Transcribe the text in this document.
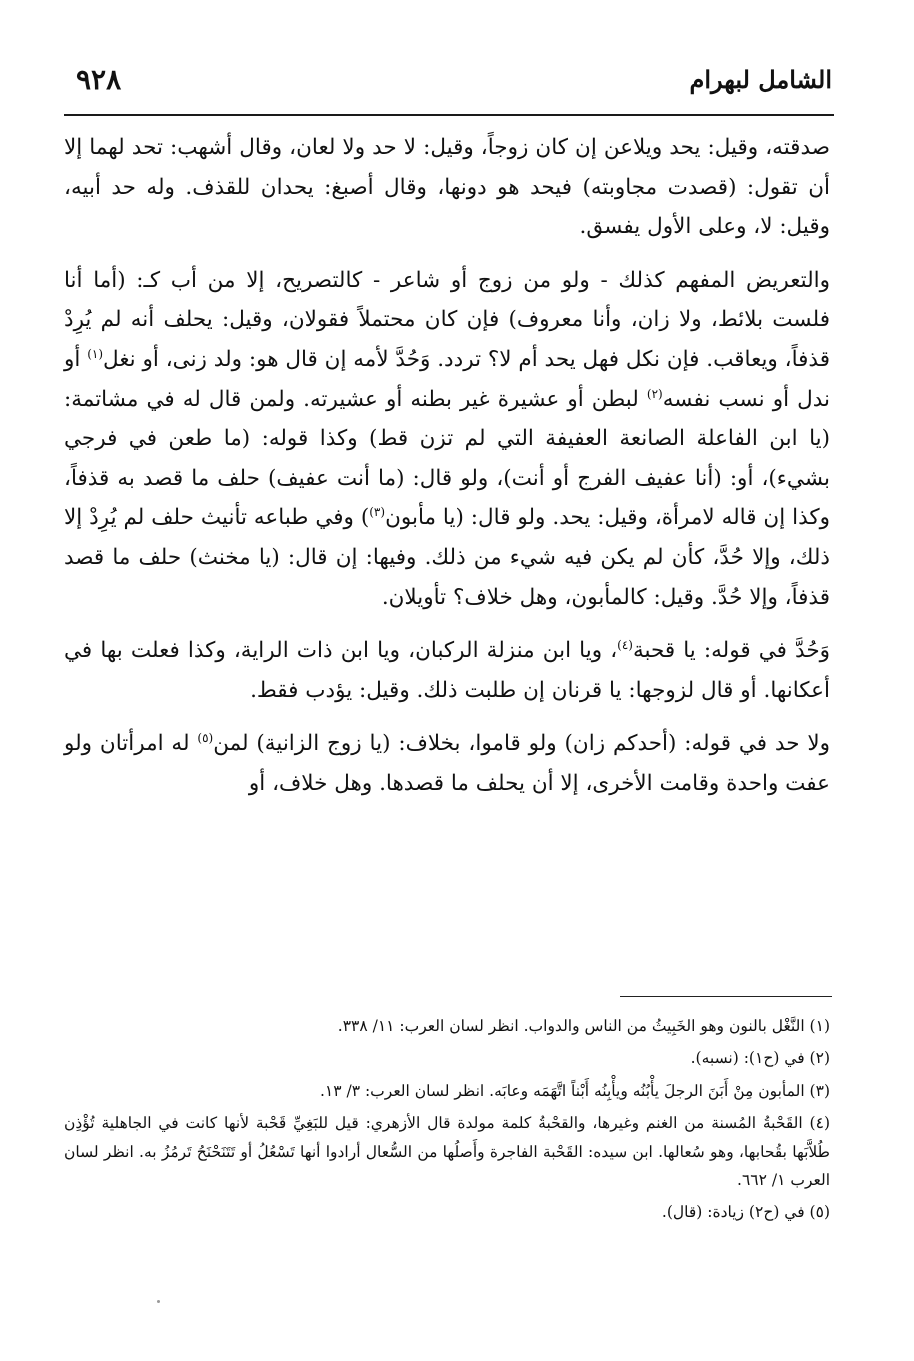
الشامل لبهرام
٩٢٨

صدقته، وقيل: يحد ويلاعن إن كان زوجاً، وقيل: لا حد ولا لعان، وقال أشهب: تحد لهما إلا أن تقول: (قصدت مجاوبته) فيحد هو دونها، وقال أصبغ: يحدان للقذف. وله حد أبيه، وقيل: لا، وعلى الأول يفسق.

والتعريض المفهم كذلك - ولو من زوج أو شاعر - كالتصريح، إلا من أب كـ: (أما أنا فلست بلائط، ولا زان، وأنا معروف) فإن كان محتملاً فقولان، وقيل: يحلف أنه لم يُرِدْ قذفاً، ويعاقب. فإن نكل فهل يحد أم لا؟ تردد. وَحُدَّ لأمه إن قال هو: ولد زنى، أو نغل$^{(١)}$ أو ندل أو نسب نفسه$^{(٢)}$ لبطن أو عشيرة غير بطنه أو عشيرته. ولمن قال له في مشاتمة: (يا ابن الفاعلة الصانعة العفيفة التي لم تزن قط) وكذا قوله: (ما طعن في فرجي بشيء)، أو: (أنا عفيف الفرج أو أنت)، ولو قال: (ما أنت عفيف) حلف ما قصد به قذفاً، وكذا إن قاله لامرأة، وقيل: يحد. ولو قال: (يا مأبون$^{(٣)}$) وفي طباعه تأنيث حلف لم يُرِدْ إلا ذلك، وإلا حُدَّ، كأن لم يكن فيه شيء من ذلك. وفيها: إن قال: (يا مخنث) حلف ما قصد قذفاً، وإلا حُدَّ. وقيل: كالمأبون، وهل خلاف؟ تأويلان.

وَحُدَّ في قوله: يا قحبة$^{(٤)}$، ويا ابن منزلة الركبان، ويا ابن ذات الراية، وكذا فعلت بها في أعكانها. أو قال لزوجها: يا قرنان إن طلبت ذلك. وقيل: يؤدب فقط.

ولا حد في قوله: (أحدكم زان) ولو قاموا، بخلاف: (يا زوج الزانية) لمن$^{(٥)}$ له امرأتان ولو عفت واحدة وقامت الأخرى، إلا أن يحلف ما قصدها. وهل خلاف، أو

(١) النَّغْل بالنون وهو الخَبِيثُ من الناس والدواب. انظر لسان العرب: ١١/ ٣٣٨.

(٢) في (ح١): (نسبه).

(٣) المأبون مِنْ أَبَنَ الرجلَ يأْبُنُه ويأْبِنُه أَبْناً اتَّهَمَه وعابَه. انظر لسان العرب: ٣/ ١٣.

(٤) القَحْبةُ المُسنة من الغنم وغيرها، والقحْبةُ كلمة مولدة قال الأزهري: قيل للبَغِيِّ قَحْبة لأنها كانت في الجاهلية تُؤْذِن طُلاَّبَها بقُحابها، وهو سُعالها. ابن سيده: القَحْبة الفاجرة وأَصلُها من السُّعال أرادوا أنها تَسْعُلُ أو تَتَنَحْنَحُ تَرمُزُ به. انظر لسان العرب ١/ ٦٦٢.

(٥) في (ح٢) زيادة: (قال).
